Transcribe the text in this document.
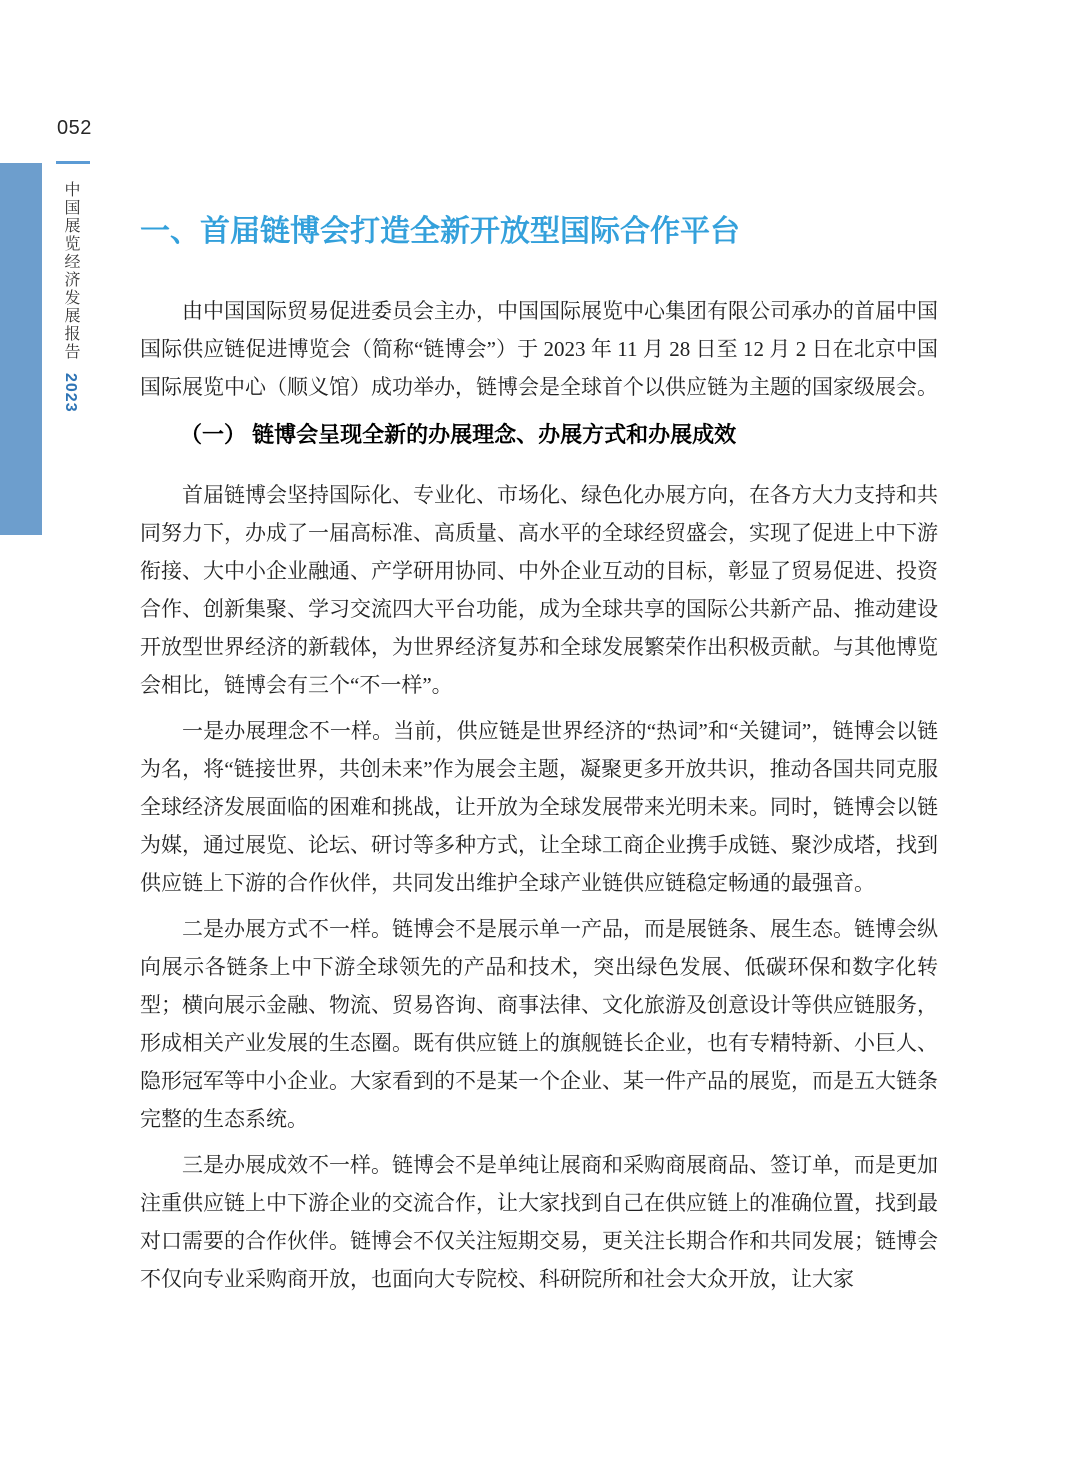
052
中国展览经济发展报告 2023
一、首届链博会打造全新开放型国际合作平台

由中国国际贸易促进委员会主办，中国国际展览中心集团有限公司承办的首届中国国际供应链促进博览会（简称“链博会”）于 2023 年 11 月 28 日至 12 月 2 日在北京中国国际展览中心（顺义馆）成功举办，链博会是全球首个以供应链为主题的国家级展会。

（一） 链博会呈现全新的办展理念、办展方式和办展成效

首届链博会坚持国际化、专业化、市场化、绿色化办展方向，在各方大力支持和共同努力下，办成了一届高标准、高质量、高水平的全球经贸盛会，实现了促进上中下游衔接、大中小企业融通、产学研用协同、中外企业互动的目标，彰显了贸易促进、投资合作、创新集聚、学习交流四大平台功能，成为全球共享的国际公共新产品、推动建设开放型世界经济的新载体，为世界经济复苏和全球发展繁荣作出积极贡献。与其他博览会相比，链博会有三个“不一样”。

一是办展理念不一样。当前，供应链是世界经济的“热词”和“关键词”，链博会以链为名，将“链接世界，共创未来”作为展会主题，凝聚更多开放共识，推动各国共同克服全球经济发展面临的困难和挑战，让开放为全球发展带来光明未来。同时，链博会以链为媒，通过展览、论坛、研讨等多种方式，让全球工商企业携手成链、聚沙成塔，找到供应链上下游的合作伙伴，共同发出维护全球产业链供应链稳定畅通的最强音。

二是办展方式不一样。链博会不是展示单一产品，而是展链条、展生态。链博会纵向展示各链条上中下游全球领先的产品和技术，突出绿色发展、低碳环保和数字化转型；横向展示金融、物流、贸易咨询、商事法律、文化旅游及创意设计等供应链服务，形成相关产业发展的生态圈。既有供应链上的旗舰链长企业，也有专精特新、小巨人、隐形冠军等中小企业。大家看到的不是某一个企业、某一件产品的展览，而是五大链条完整的生态系统。

三是办展成效不一样。链博会不是单纯让展商和采购商展商品、签订单，而是更加注重供应链上中下游企业的交流合作，让大家找到自己在供应链上的准确位置，找到最对口需要的合作伙伴。链博会不仅关注短期交易，更关注长期合作和共同发展；链博会不仅向专业采购商开放，也面向大专院校、科研院所和社会大众开放，让大家
